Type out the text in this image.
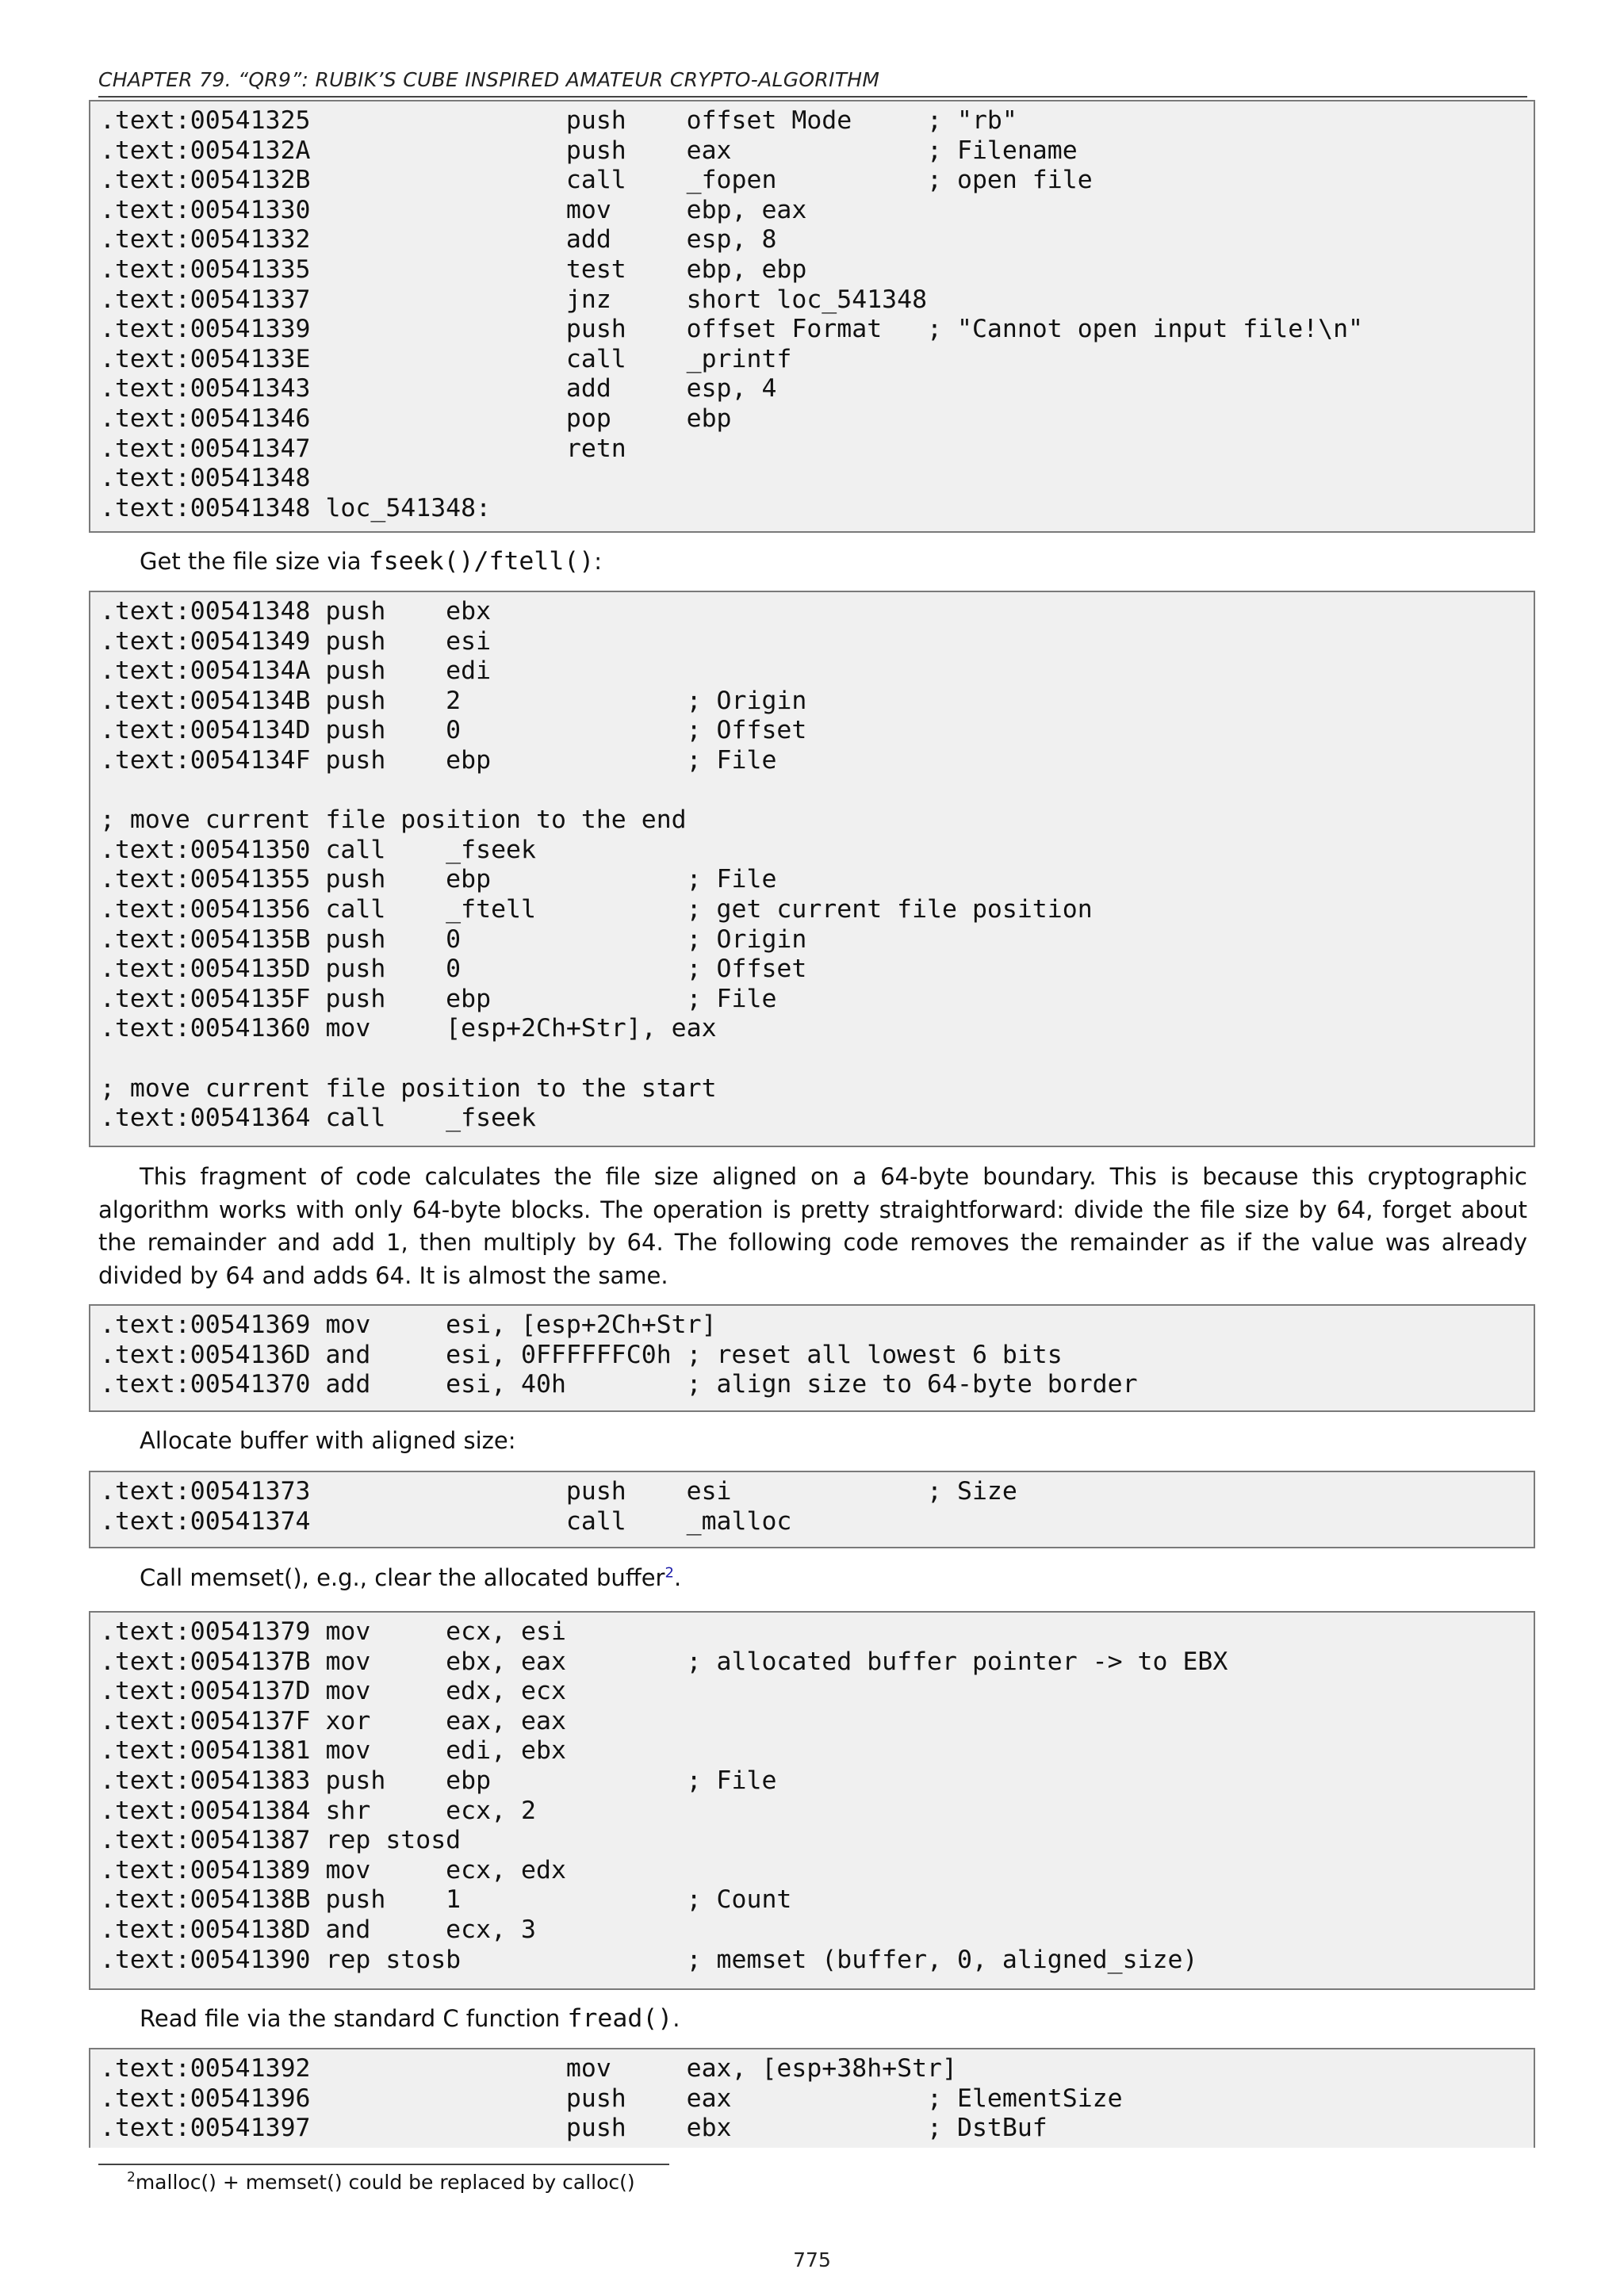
CHAPTER 79. “QR9”: RUBIK’S CUBE INSPIRED AMATEUR CRYPTO-ALGORITHM
.text:00541325                 push    offset Mode     ; "rb"
.text:0054132A                 push    eax             ; Filename
.text:0054132B                 call    _fopen          ; open file
.text:00541330                 mov     ebp, eax
.text:00541332                 add     esp, 8
.text:00541335                 test    ebp, ebp
.text:00541337                 jnz     short loc_541348
.text:00541339                 push    offset Format   ; "Cannot open input file!\n"
.text:0054133E                 call    _printf
.text:00541343                 add     esp, 4
.text:00541346                 pop     ebp
.text:00541347                 retn
.text:00541348
.text:00541348 loc_541348:

Get the file size via fseek()/ftell():

.text:00541348 push    ebx
.text:00541349 push    esi
.text:0054134A push    edi
.text:0054134B push    2               ; Origin
.text:0054134D push    0               ; Offset
.text:0054134F push    ebp             ; File

; move current file position to the end
.text:00541350 call    _fseek
.text:00541355 push    ebp             ; File
.text:00541356 call    _ftell          ; get current file position
.text:0054135B push    0               ; Origin
.text:0054135D push    0               ; Offset
.text:0054135F push    ebp             ; File
.text:00541360 mov     [esp+2Ch+Str], eax

; move current file position to the start
.text:00541364 call    _fseek

This fragment of code calculates the file size aligned on a 64-byte boundary. This is because this cryptographic algorithm works with only 64-byte blocks. The operation is pretty straightforward: divide the file size by 64, forget about the remainder and add 1, then multiply by 64. The following code removes the remainder as if the value was already divided by 64 and adds 64. It is almost the same.

.text:00541369 mov     esi, [esp+2Ch+Str]
.text:0054136D and     esi, 0FFFFFFC0h ; reset all lowest 6 bits
.text:00541370 add     esi, 40h        ; align size to 64-byte border

Allocate buffer with aligned size:

.text:00541373                 push    esi             ; Size
.text:00541374                 call    _malloc

Call memset(), e.g., clear the allocated buffer$^2$.

.text:00541379 mov     ecx, esi
.text:0054137B mov     ebx, eax        ; allocated buffer pointer -> to EBX
.text:0054137D mov     edx, ecx
.text:0054137F xor     eax, eax
.text:00541381 mov     edi, ebx
.text:00541383 push    ebp             ; File
.text:00541384 shr     ecx, 2
.text:00541387 rep stosd
.text:00541389 mov     ecx, edx
.text:0054138B push    1               ; Count
.text:0054138D and     ecx, 3
.text:00541390 rep stosb               ; memset (buffer, 0, aligned_size)

Read file via the standard C function fread().

.text:00541392                 mov     eax, [esp+38h+Str]
.text:00541396                 push    eax             ; ElementSize
.text:00541397                 push    ebx             ; DstBuf
$^2$malloc() + memset() could be replaced by calloc()
775
